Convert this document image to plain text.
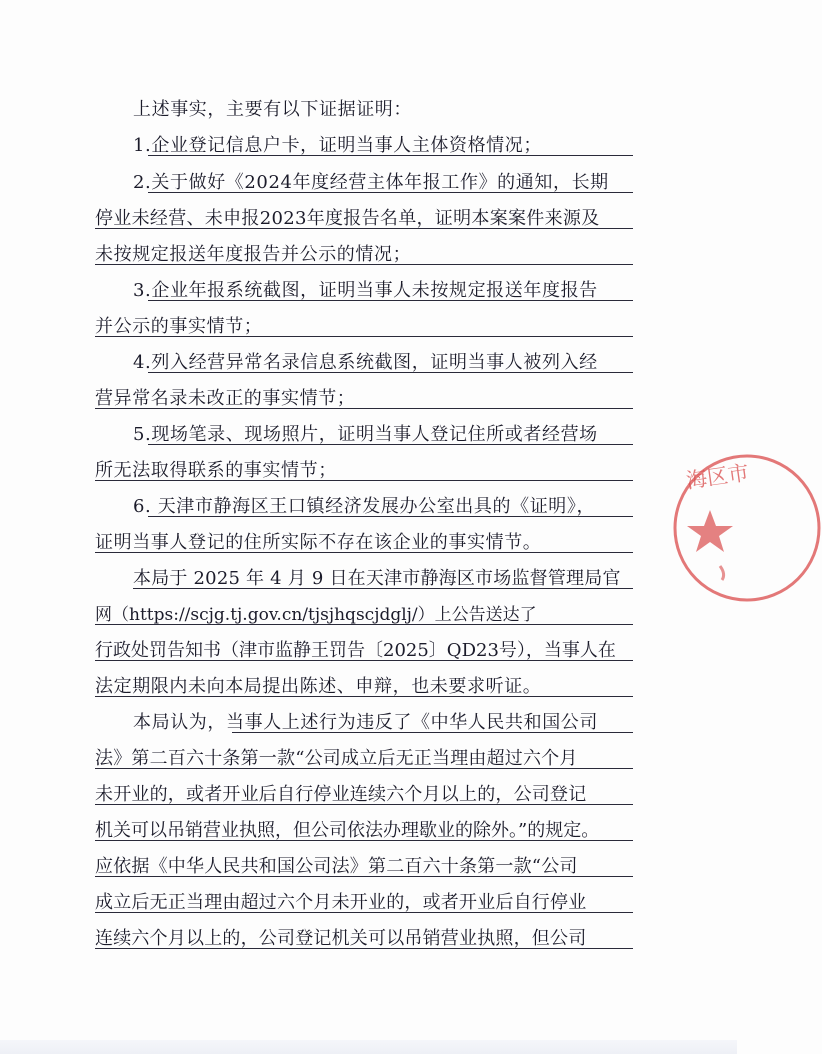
上述事实，主要有以下证据证明：
1.企业登记信息户卡，证明当事人主体资格情况；
2.关于做好《2024年度经营主体年报工作》的通知，长期
停业未经营、未申报2023年度报告名单，证明本案案件来源及
未按规定报送年度报告并公示的情况；
3.企业年报系统截图，证明当事人未按规定报送年度报告
并公示的事实情节；
4.列入经营异常名录信息系统截图，证明当事人被列入经
营异常名录未改正的事实情节；
5.现场笔录、现场照片，证明当事人登记住所或者经营场
所无法取得联系的事实情节；
6. 天津市静海区王口镇经济发展办公室出具的《证明》，
证明当事人登记的住所实际不存在该企业的事实情节。
本局于 2025 年 4 月 9 日在天津市静海区市场监督管理局官
网（https://scjg.tj.gov.cn/tjsjhqscjdglj/）上公告送达了
行政处罚告知书（津市监静王罚告〔2025〕QD23号），当事人在
法定期限内未向本局提出陈述、申辩，也未要求听证。
本局认为，当事人上述行为违反了《中华人民共和国公司
法》第二百六十条第一款“公司成立后无正当理由超过六个月
未开业的，或者开业后自行停业连续六个月以上的，公司登记
机关可以吊销营业执照，但公司依法办理歇业的除外。”的规定。
应依据《中华人民共和国公司法》第二百六十条第一款“公司
成立后无正当理由超过六个月未开业的，或者开业后自行停业
连续六个月以上的，公司登记机关可以吊销营业执照，但公司
海区市
